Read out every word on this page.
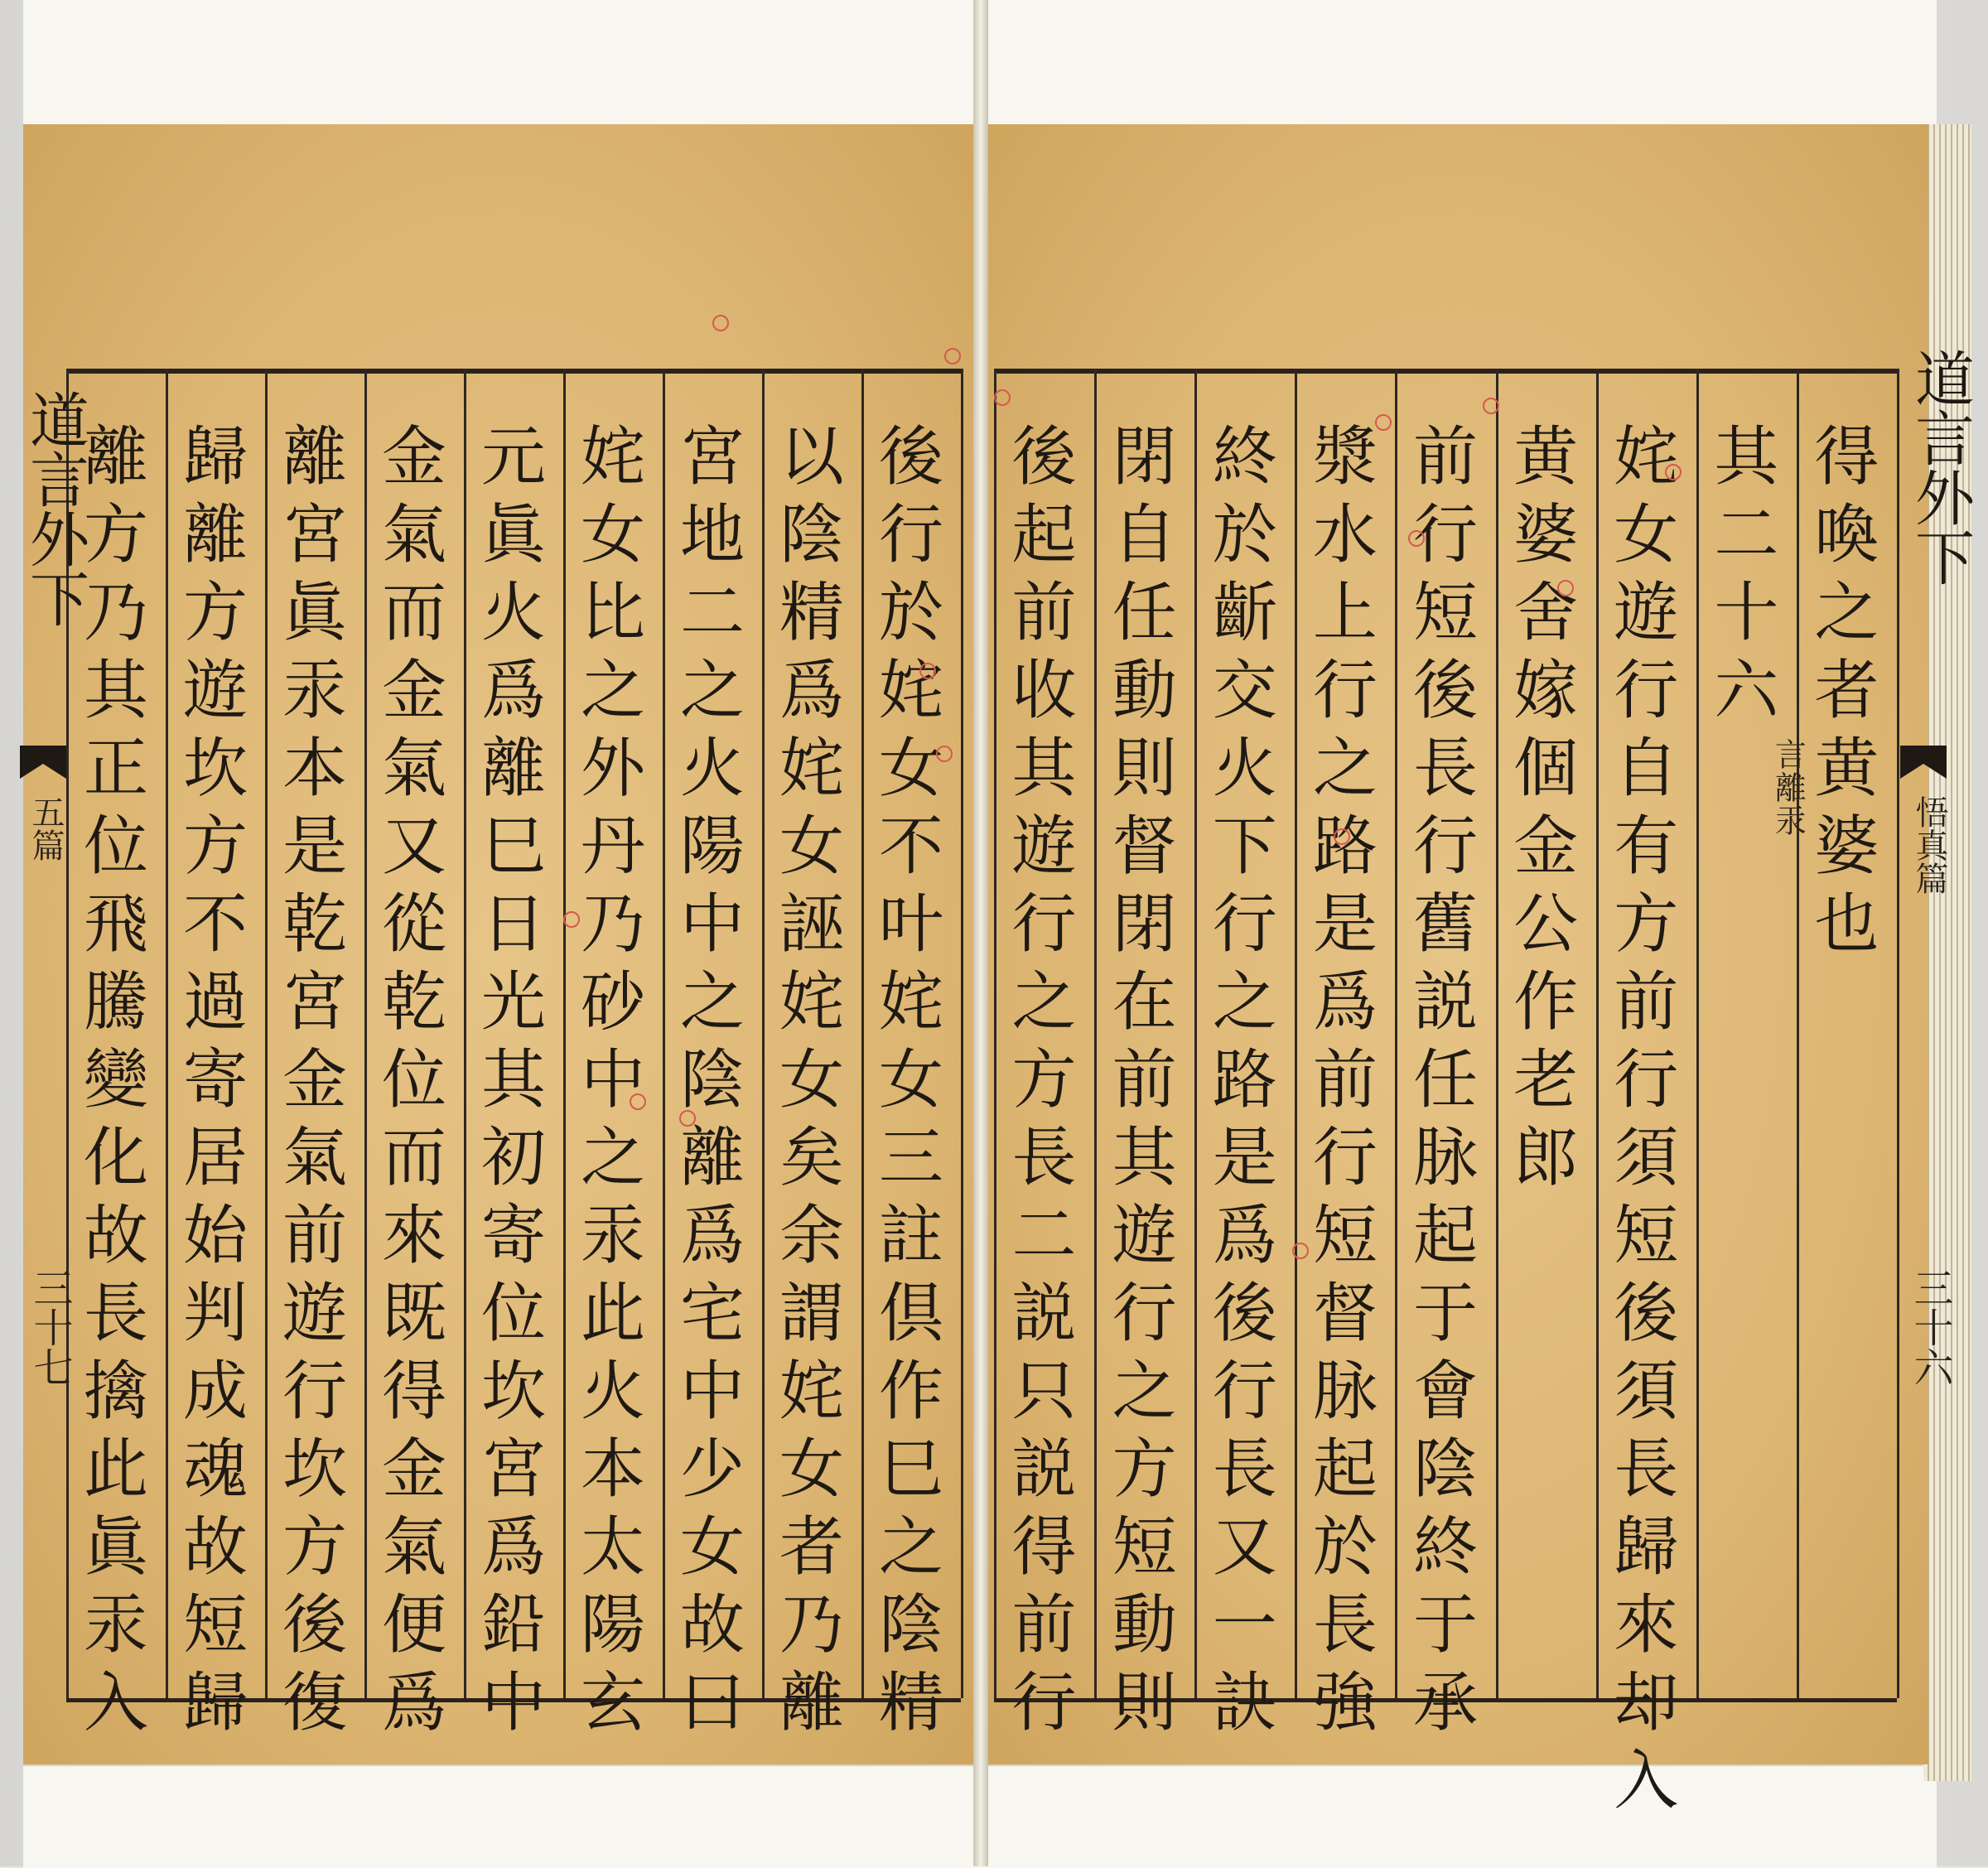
後
行
於
姹
女
不
叶
姹
女
三
註
倶
作
巳
之
陰
精
以
陰
精
爲
姹
女
誣
姹
女
矣
余
謂
姹
女
者
乃
離
宮
地
二
之
火
陽
中
之
陰
離
爲
宅
中
少
女
故
曰
姹
女
比
之
外
丹
乃
砂
中
之
汞
此
火
本
太
陽
玄
元
眞
火
爲
離
巳
日
光
其
初
寄
位
坎
宮
爲
鉛
中
金
氣
而
金
氣
又
從
乾
位
而
來
既
得
金
氣
便
爲
離
宮
眞
汞
本
是
乾
宮
金
氣
前
遊
行
坎
方
後
復
歸
離
方
遊
坎
方
不
過
寄
居
始
判
成
魂
故
短
歸
離
方
乃
其
正
位
飛
騰
變
化
故
長
擒
此
眞
汞
入
道言外下
五篇
三十七
得
喚
之
者
黄
婆
也
其
二
十
六
言離汞
姹
女
遊
行
自
有
方
前
行
須
短
後
須
長
歸
來
却
入
黄
婆
舍
嫁
個
金
公
作
老
郎
前
行
短
後
長
行
舊
説
任
脉
起
于
會
陰
終
于
承
漿
水
上
行
之
路
是
爲
前
行
短
督
脉
起
於
長
強
終
於
齗
交
火
下
行
之
路
是
爲
後
行
長
又
一
訣
閉
自
任
動
則
督
閉
在
前
其
遊
行
之
方
短
動
則
後
起
前
收
其
遊
行
之
方
長
二
説
只
説
得
前
行
道言外下
悟真篇
三十六
